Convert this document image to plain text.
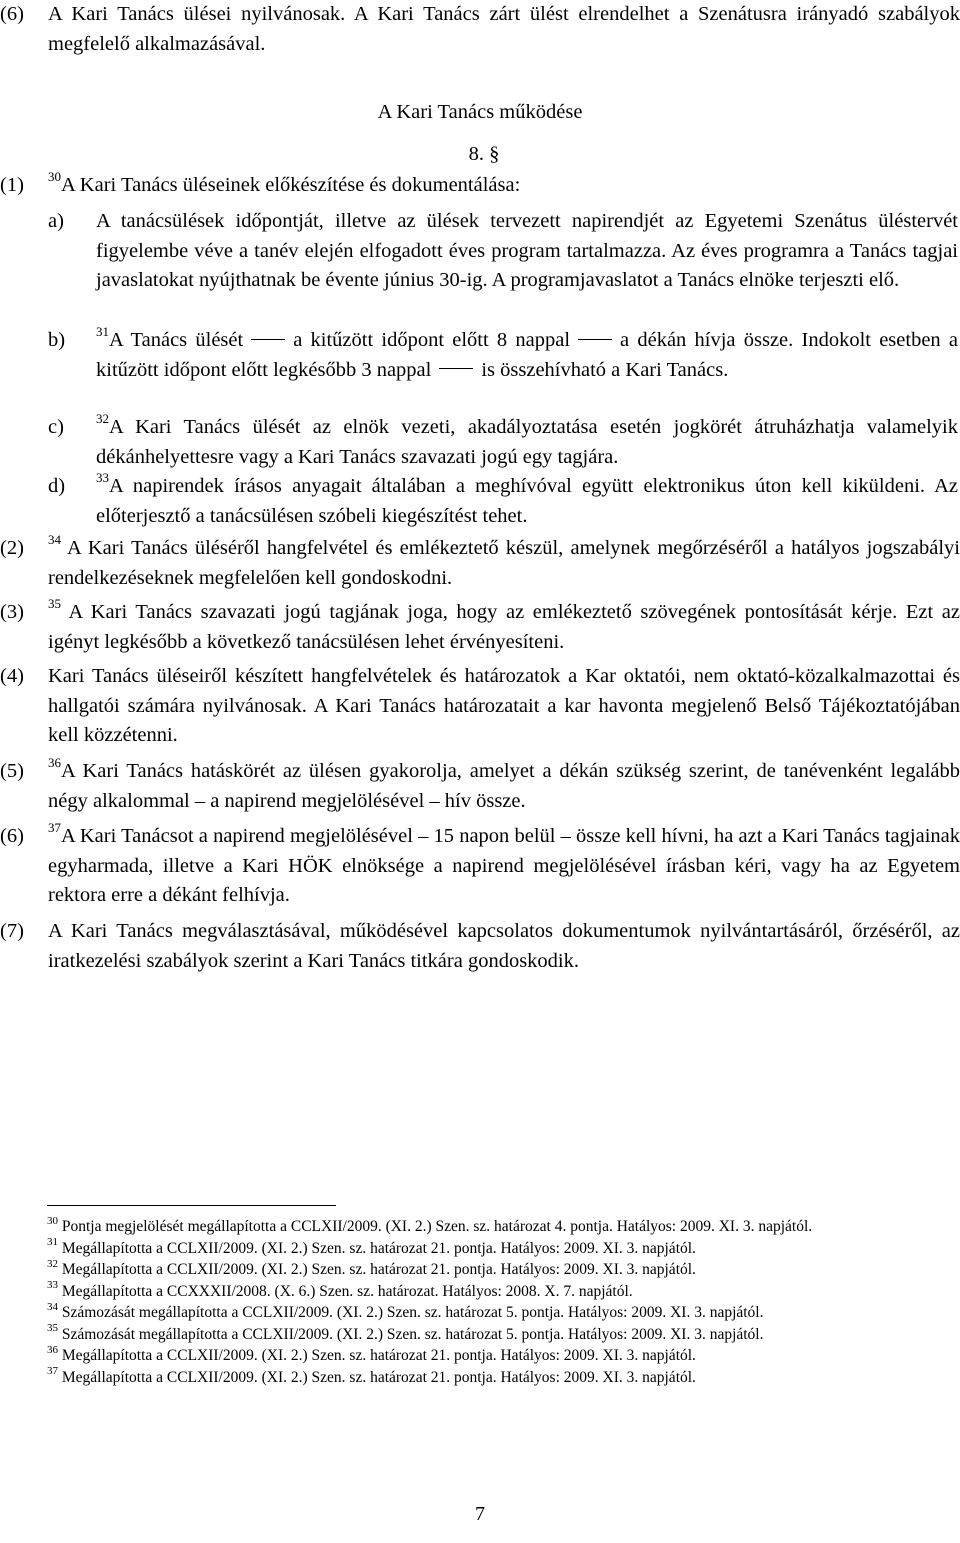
(6) A Kari Tanács ülései nyilvánosak. A Kari Tanács zárt ülést elrendelhet a Szenátusra irányadó szabályok megfelelő alkalmazásával.
A Kari Tanács működése
8. §
(1) $^{30}$A Kari Tanács üléseinek előkészítése és dokumentálása:
a) A tanácsülések időpontját, illetve az ülések tervezett napirendjét az Egyetemi Szenátus üléstervét figyelembe véve a tanév elején elfogadott éves program tartalmazza. Az éves programra a Tanács tagjai javaslatokat nyújthatnak be évente június 30-ig. A programjavaslatot a Tanács elnöke terjeszti elő.
b) $^{31}$A Tanács ülését a kitűzött időpont előtt 8 nappal a dékán hívja össze. Indokolt esetben a kitűzött időpont előtt legkésőbb 3 nappal is összehívható a Kari Tanács.
c) $^{32}$A Kari Tanács ülését az elnök vezeti, akadályoztatása esetén jogkörét átruházhatja valamelyik dékánhelyettesre vagy a Kari Tanács szavazati jogú egy tagjára.
d) $^{33}$A napirendek írásos anyagait általában a meghívóval együtt elektronikus úton kell kiküldeni. Az előterjesztő a tanácsülésen szóbeli kiegészítést tehet.
(2) $^{34}$ A Kari Tanács üléséről hangfelvétel és emlékeztető készül, amelynek megőrzéséről a hatályos jogszabályi rendelkezéseknek megfelelően kell gondoskodni.
(3) $^{35}$ A Kari Tanács szavazati jogú tagjának joga, hogy az emlékeztető szövegének pontosítását kérje. Ezt az igényt legkésőbb a következő tanácsülésen lehet érvényesíteni.
(4) Kari Tanács üléseiről készített hangfelvételek és határozatok a Kar oktatói, nem oktató-közalkalmazottai és hallgatói számára nyilvánosak. A Kari Tanács határozatait a kar havonta megjelenő Belső Tájékoztatójában kell közzétenni.
(5) $^{36}$A Kari Tanács hatáskörét az ülésen gyakorolja, amelyet a dékán szükség szerint, de tanévenként legalább négy alkalommal – a napirend megjelölésével – hív össze.
(6) $^{37}$A Kari Tanácsot a napirend megjelölésével – 15 napon belül – össze kell hívni, ha azt a Kari Tanács tagjainak egyharmada, illetve a Kari HÖK elnöksége a napirend megjelölésével írásban kéri, vagy ha az Egyetem rektora erre a dékánt felhívja.
(7) A Kari Tanács megválasztásával, működésével kapcsolatos dokumentumok nyilvántartásáról, őrzéséről, az iratkezelési szabályok szerint a Kari Tanács titkára gondoskodik.
$^{30}$ Pontja megjelölését megállapította a CCLXII/2009. (XI. 2.) Szen. sz. határozat 4. pontja. Hatályos: 2009. XI. 3. napjától.
$^{31}$ Megállapította a CCLXII/2009. (XI. 2.) Szen. sz. határozat 21. pontja. Hatályos: 2009. XI. 3. napjától.
$^{32}$ Megállapította a CCLXII/2009. (XI. 2.) Szen. sz. határozat 21. pontja. Hatályos: 2009. XI. 3. napjától.
$^{33}$ Megállapította a CCXXXII/2008. (X. 6.) Szen. sz. határozat. Hatályos: 2008. X. 7. napjától.
$^{34}$ Számozását megállapította a CCLXII/2009. (XI. 2.) Szen. sz. határozat 5. pontja. Hatályos: 2009. XI. 3. napjától.
$^{35}$ Számozását megállapította a CCLXII/2009. (XI. 2.) Szen. sz. határozat 5. pontja. Hatályos: 2009. XI. 3. napjától.
$^{36}$ Megállapította a CCLXII/2009. (XI. 2.) Szen. sz. határozat 21. pontja. Hatályos: 2009. XI. 3. napjától.
$^{37}$ Megállapította a CCLXII/2009. (XI. 2.) Szen. sz. határozat 21. pontja. Hatályos: 2009. XI. 3. napjától.
7
